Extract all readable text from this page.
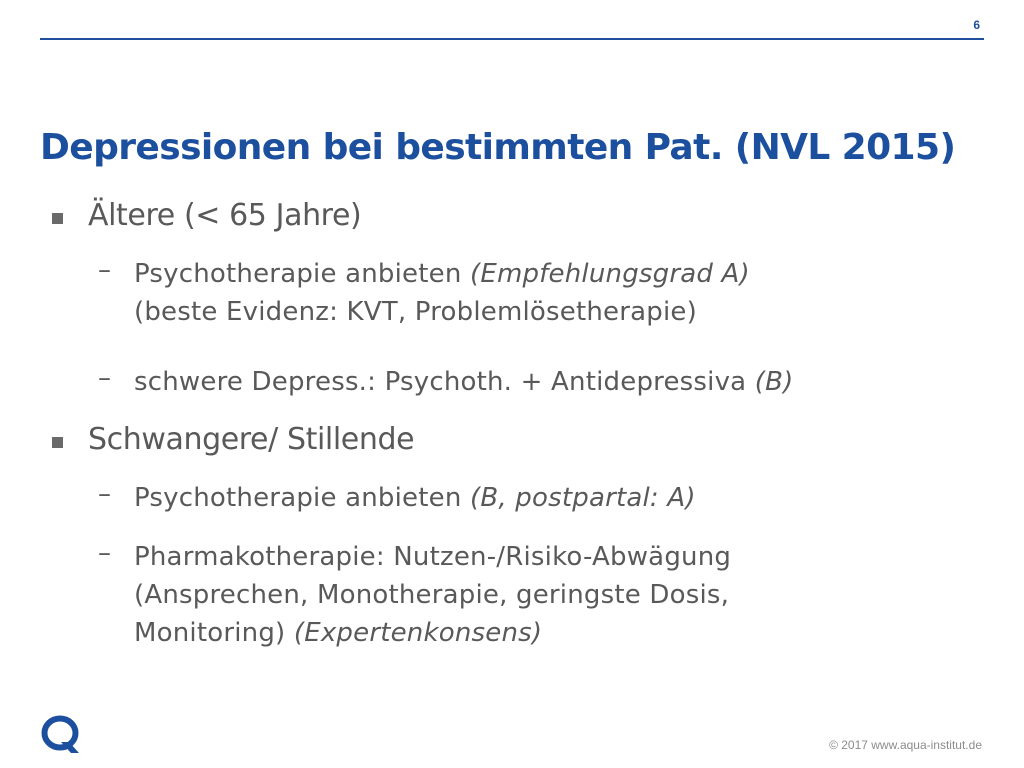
6
Depressionen bei bestimmten Pat. (NVL 2015)
Ältere (< 65 Jahre)
– Psychotherapie anbieten (Empfehlungsgrad A)
(beste Evidenz: KVT, Problemlösetherapie)
– schwere Depress.: Psychoth. + Antidepressiva (B)
Schwangere/ Stillende
– Psychotherapie anbieten (B, postpartal: A)
– Pharmakotherapie: Nutzen-/Risiko-Abwägung
(Ansprechen, Monotherapie, geringste Dosis,
Monitoring) (Expertenkonsens)
© 2017 www.aqua-institut.de
